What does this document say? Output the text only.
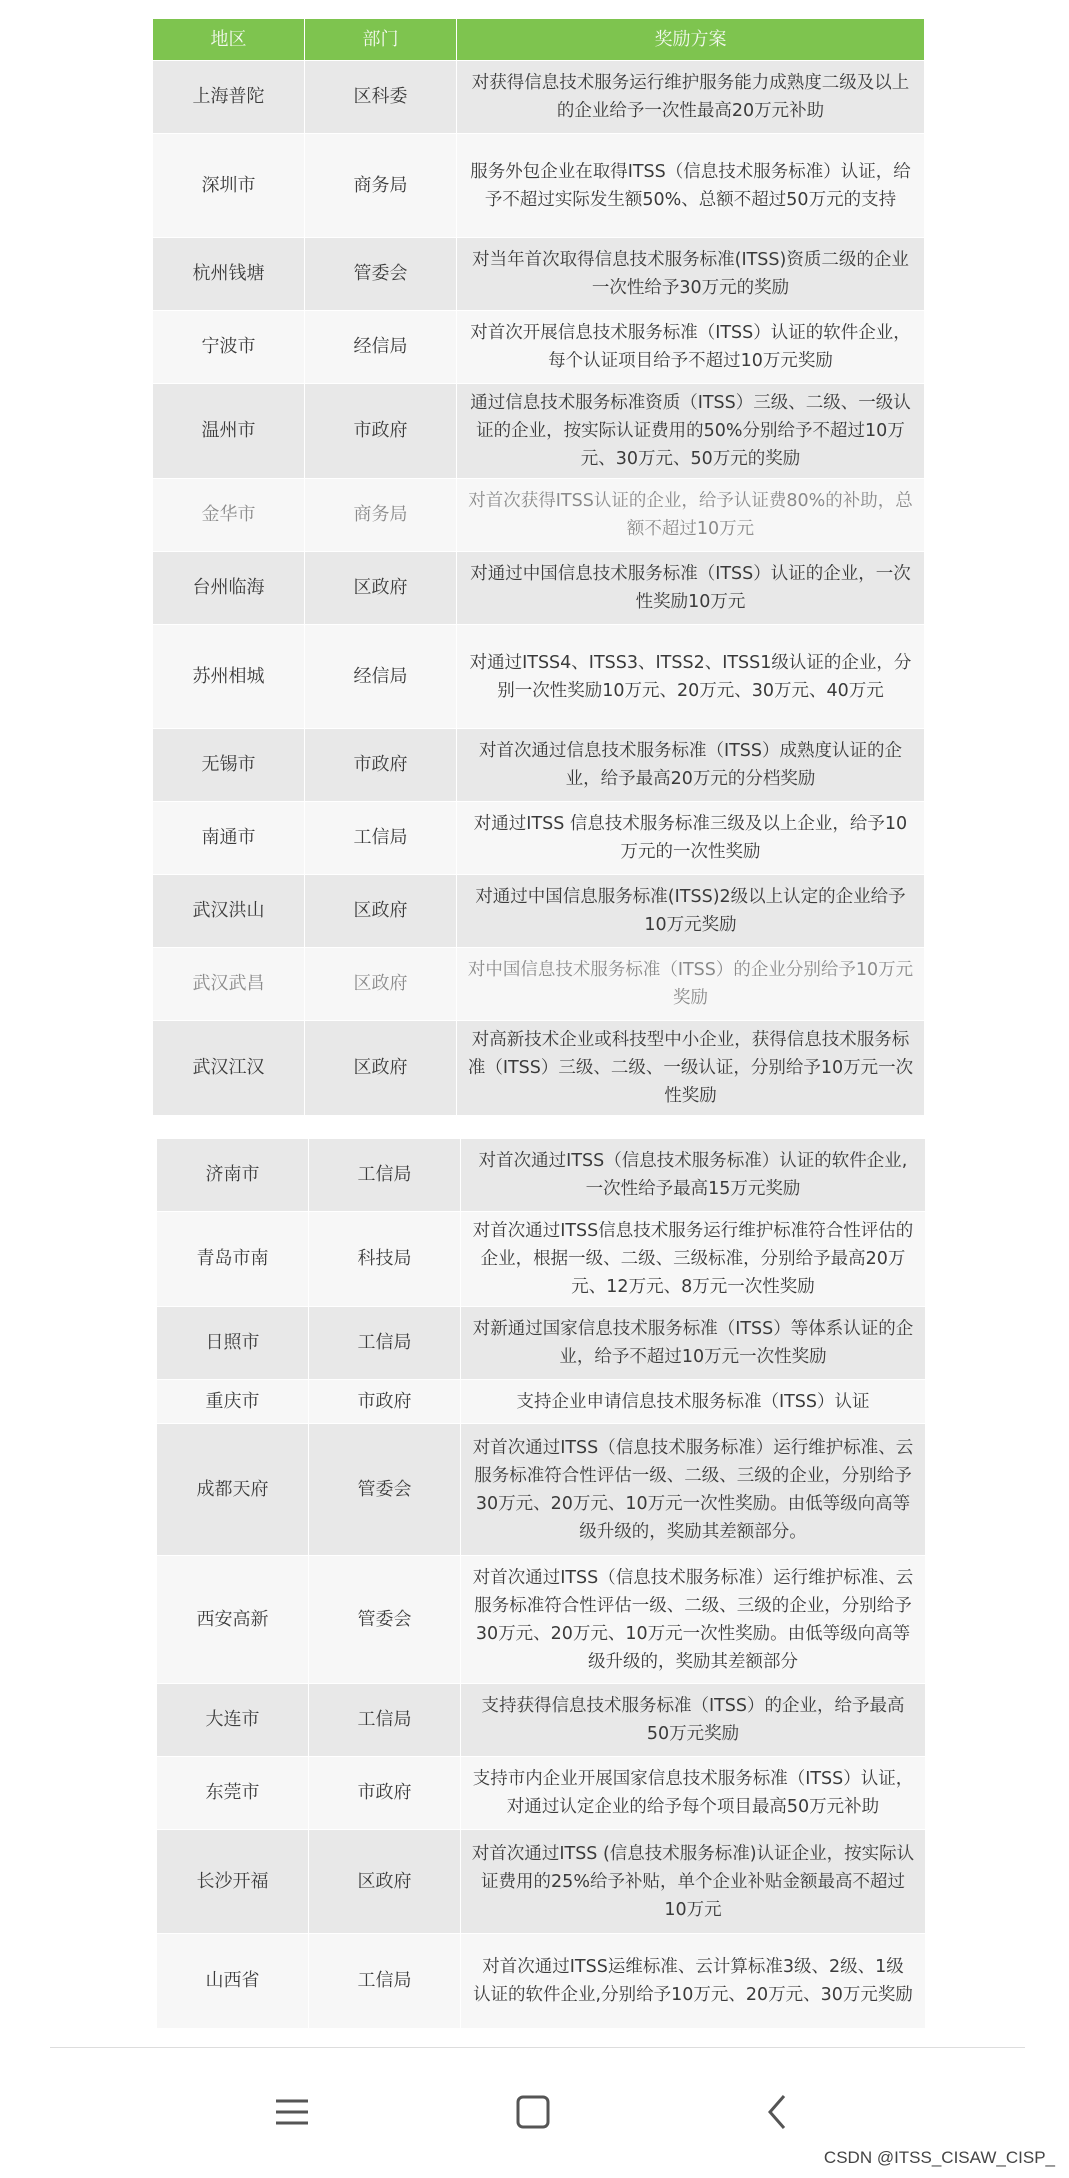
地区	部门	奖励方案
上海普陀	区科委	对获得信息技术服务运行维护服务能力成熟度二级及以上的企业给予一次性最高20万元补助
深圳市	商务局	服务外包企业在取得ITSS（信息技术服务标准）认证，给予不超过实际发生额50%、总额不超过50万元的支持
杭州钱塘	管委会	对当年首次取得信息技术服务标准(ITSS)资质二级的企业一次性给予30万元的奖励
宁波市	经信局	对首次开展信息技术服务标准（ITSS）认证的软件企业，每个认证项目给予不超过10万元奖励
温州市	市政府	通过信息技术服务标准资质（ITSS）三级、二级、一级认证的企业，按实际认证费用的50%分别给予不超过10万元、30万元、50万元的奖励
金华市	商务局	对首次获得ITSS认证的企业，给予认证费80%的补助，总额不超过10万元
台州临海	区政府	对通过中国信息技术服务标准（ITSS）认证的企业，一次性奖励10万元
苏州相城	经信局	对通过ITSS4、ITSS3、ITSS2、ITSS1级认证的企业，分别一次性奖励10万元、20万元、30万元、40万元
无锡市	市政府	对首次通过信息技术服务标准（ITSS）成熟度认证的企业，给予最高20万元的分档奖励
南通市	工信局	对通过ITSS 信息技术服务标准三级及以上企业，给予10万元的一次性奖励
武汉洪山	区政府	对通过中国信息服务标准(ITSS)2级以上认定的企业给予10万元奖励
武汉武昌	区政府	对中国信息技术服务标准（ITSS）的企业分别给予10万元奖励
武汉江汉	区政府	对高新技术企业或科技型中小企业，获得信息技术服务标准（ITSS）三级、二级、一级认证，分别给予10万元一次性奖励
济南市	工信局	对首次通过ITSS（信息技术服务标准）认证的软件企业,一次性给予最高15万元奖励
青岛市南	科技局	对首次通过ITSS信息技术服务运行维护标准符合性评估的企业，根据一级、二级、三级标准，分别给予最高20万元、12万元、8万元一次性奖励
日照市	工信局	对新通过国家信息技术服务标准（ITSS）等体系认证的企业，给予不超过10万元一次性奖励
重庆市	市政府	支持企业申请信息技术服务标准（ITSS）认证
成都天府	管委会	对首次通过ITSS（信息技术服务标准）运行维护标准、云服务标准符合性评估一级、二级、三级的企业，分别给予30万元、20万元、10万元一次性奖励。由低等级向高等级升级的，奖励其差额部分。
西安高新	管委会	对首次通过ITSS（信息技术服务标准）运行维护标准、云服务标准符合性评估一级、二级、三级的企业，分别给予30万元、20万元、10万元一次性奖励。由低等级向高等级升级的，奖励其差额部分
大连市	工信局	支持获得信息技术服务标准（ITSS）的企业，给予最高50万元奖励
东莞市	市政府	支持市内企业开展国家信息技术服务标准（ITSS）认证，对通过认定企业的给予每个项目最高50万元补助
长沙开福	区政府	对首次通过ITSS (信息技术服务标准)认证企业，按实际认证费用的25%给予补贴，单个企业补贴金额最高不超过10万元
山西省	工信局	对首次通过ITSS运维标准、云计算标准3级、2级、1级 认证的软件企业,分别给予10万元、20万元、30万元奖励
CSDN @ITSS_CISAW_CISP_
